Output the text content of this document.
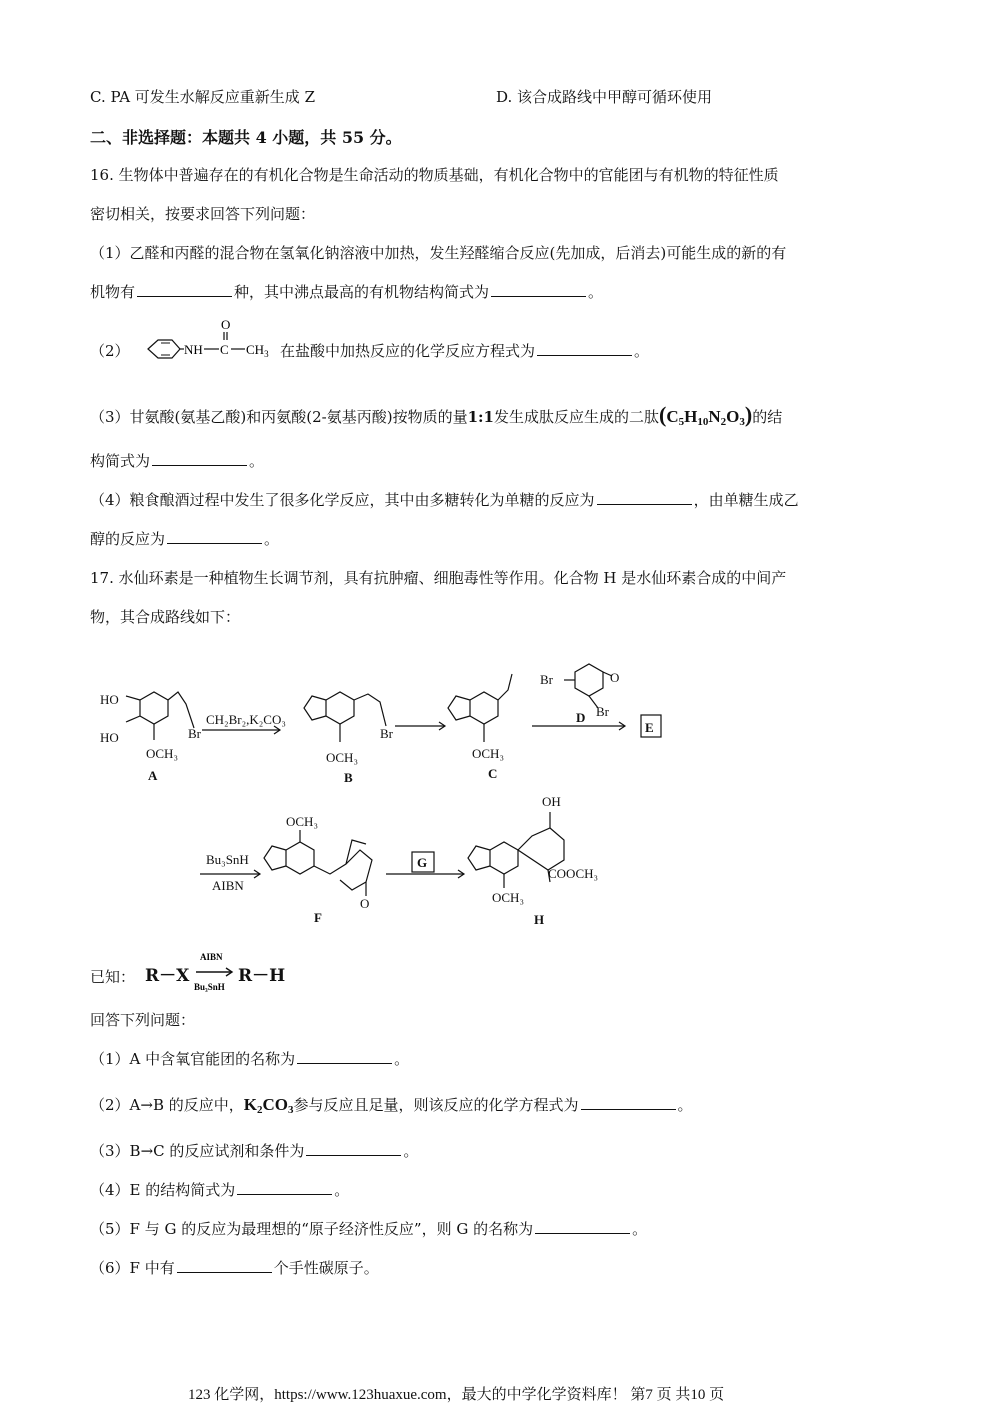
C. PA 可发生水解反应重新生成 Z	D. 该合成路线中甲醇可循环使用
二、非选择题：本题共 4 小题，共 55 分。
16. 生物体中普遍存在的有机化合物是生命活动的物质基础，有机化合物中的官能团与有机物的特征性质
密切相关，按要求回答下列问题：
（1）乙醛和丙醛的混合物在氢氧化钠溶液中加热，发生羟醛缩合反应(先加成，后消去)可能生成的新的有
机物有	种，其中沸点最高的有机物结构简式为	。
（2）	NH C
O
$CH_3$ 在盐酸中加热反应的化学反应方程式为	。
（3）甘氨酸(氨基乙酸)和丙氨酸(2-氨基丙酸)按物质的量1:1发生成肽反应生成的二肽$(C_5H_{10}N_2O_3)$的结
构简式为	。
（4）粮食酿酒过程中发生了很多化学反应，其中由多糖转化为单糖的反应为	，由单糖生成乙
醇的反应为	。
17. 水仙环素是一种植物生长调节剂，具有抗肿瘤、细胞毒性等作用。化合物 H 是水仙环素合成的中间产
物，其合成路线如下：
HO
HO	Br
OCH₃
A
CH₂Br₂,K₂CO₃
Br
OCH₃
B
OCH₃
C
Br	O
Br
D
E
Bu₃SnH
AIBN
OCH₃
O
F
G
OH
COOCH₃
OCH₃
H
已知： R－X
AIBN
Bu₃SnH
R－H
回答下列问题：
（1）A 中含氧官能团的名称为	。
（2）A→B 的反应中，$K_2CO_3$参与反应且足量，则该反应的化学方程式为	。
（3）B→C 的反应试剂和条件为	。
（4）E 的结构简式为	。
（5）F 与 G 的反应为最理想的“原子经济性反应”，则 G 的名称为	。
（6）F 中有	个手性碳原子。
123 化学网，https://www.123huaxue.com，最大的中学化学资料库！ 第7 页 共10 页
